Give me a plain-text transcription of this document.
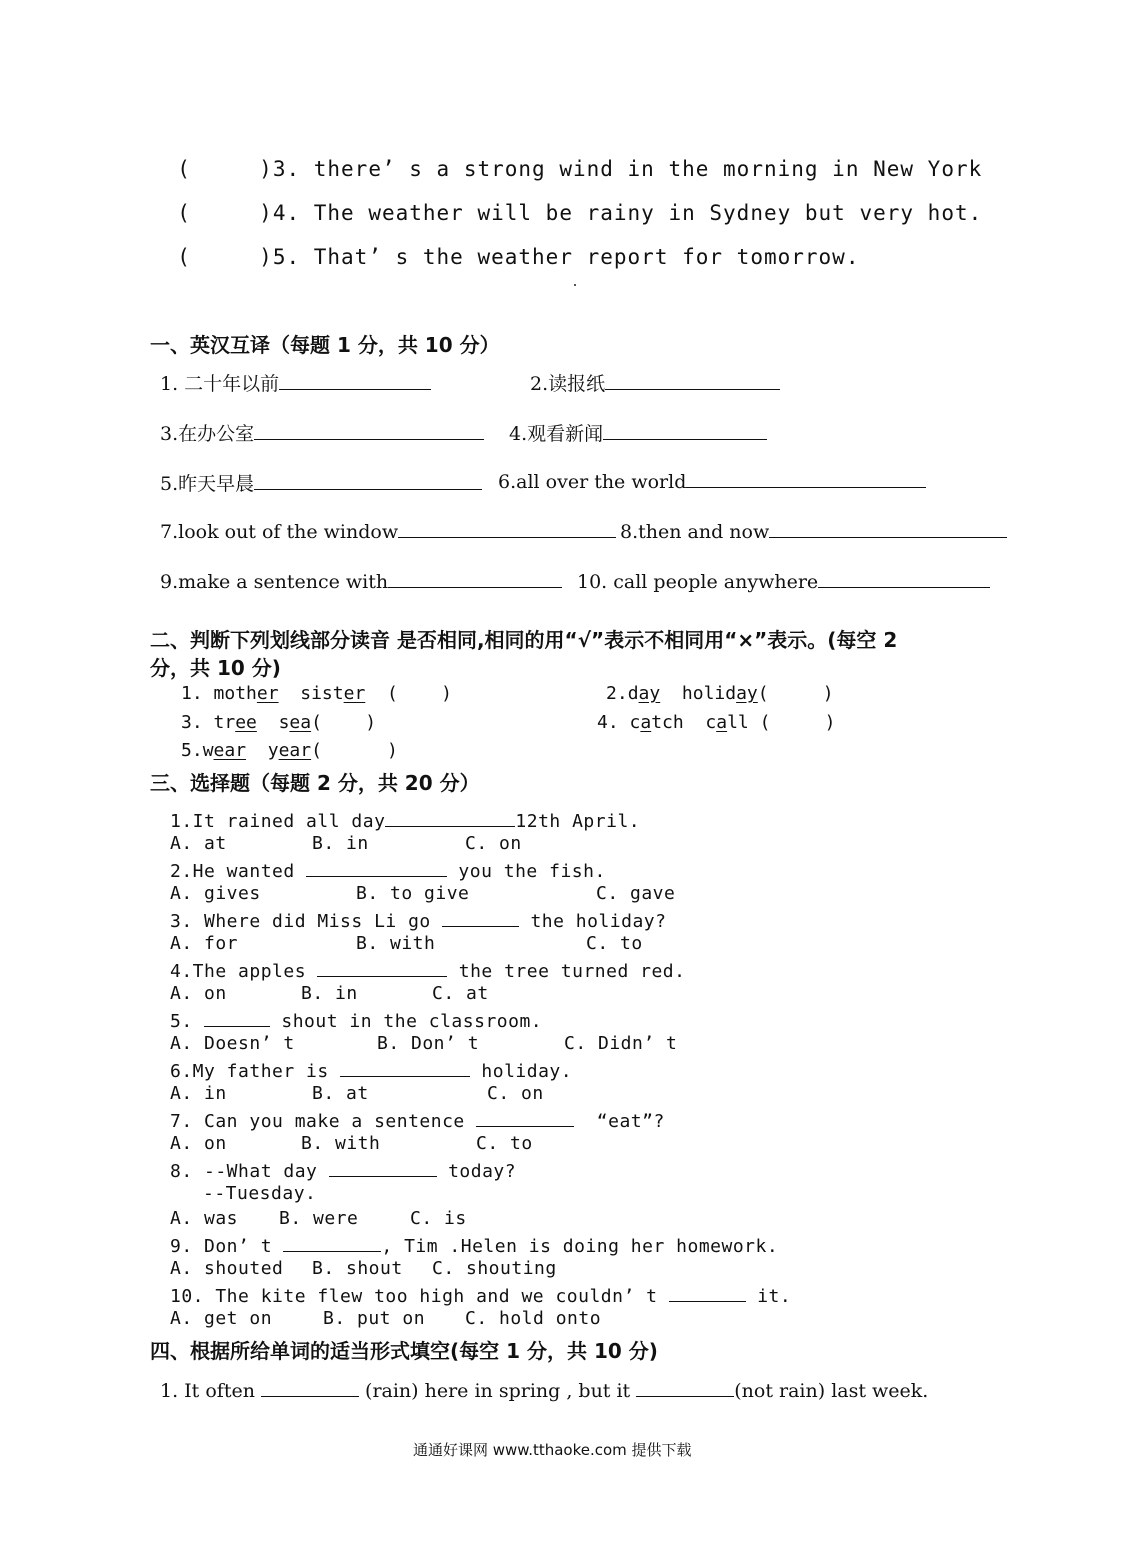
(     )3. there’ s a strong wind in the morning in New York

(     )4. The weather will be rainy in Sydney but very hot.

(     )5. That’ s the weather report for tomorrow.

一、英汉互译（每题 1 分，共 10 分）
1. 二十年以前	2.读报纸
3.在办公室	4.观看新闻
5.昨天早晨	6.all over the world
7.look out of the window	8.then and now
9.make a sentence with	10. call people anywhere
二、判断下列划线部分读音 是否相同,相同的用“√”表示不相同用“×”表示。(每空 2
分，共 10 分)
1. mother sister (    )	2.day holiday(     )
3. tree sea(    )	4. catch call (     )
5.wear year(      )
三、选择题（每题 2 分，共 20 分）
1.It rained all day	12th April.
A. at	B. in	C. on
2.He wanted	you the fish.
A. gives	B. to give	C. gave
3. Where did Miss Li go	the holiday?
A. for	B. with	C. to
4.The apples	the tree turned red.
A. on	B. in	C. at
5.	shout in the classroom.
A. Doesn’ t	B. Don’ t	C. Didn’ t
6.My father is	holiday.
A. in	B. at	C. on
7. Can you make a sentence	“eat”?
A. on	B. with	C. to
8. --What day	today?
--Tuesday.
A. was B. were	C. is
9. Don’ t	, Tim .Helen is doing her homework.
A. shouted B. shout C. shouting
10. The kite flew too high and we couldn’ t	it.
A. get on	B. put on C. hold onto
四、根据所给单词的适当形式填空(每空 1 分，共 10 分)
1. It often	(rain) here in spring , but it	(not rain) last week.
通通好课网 www.tthaoke.com 提供下载
